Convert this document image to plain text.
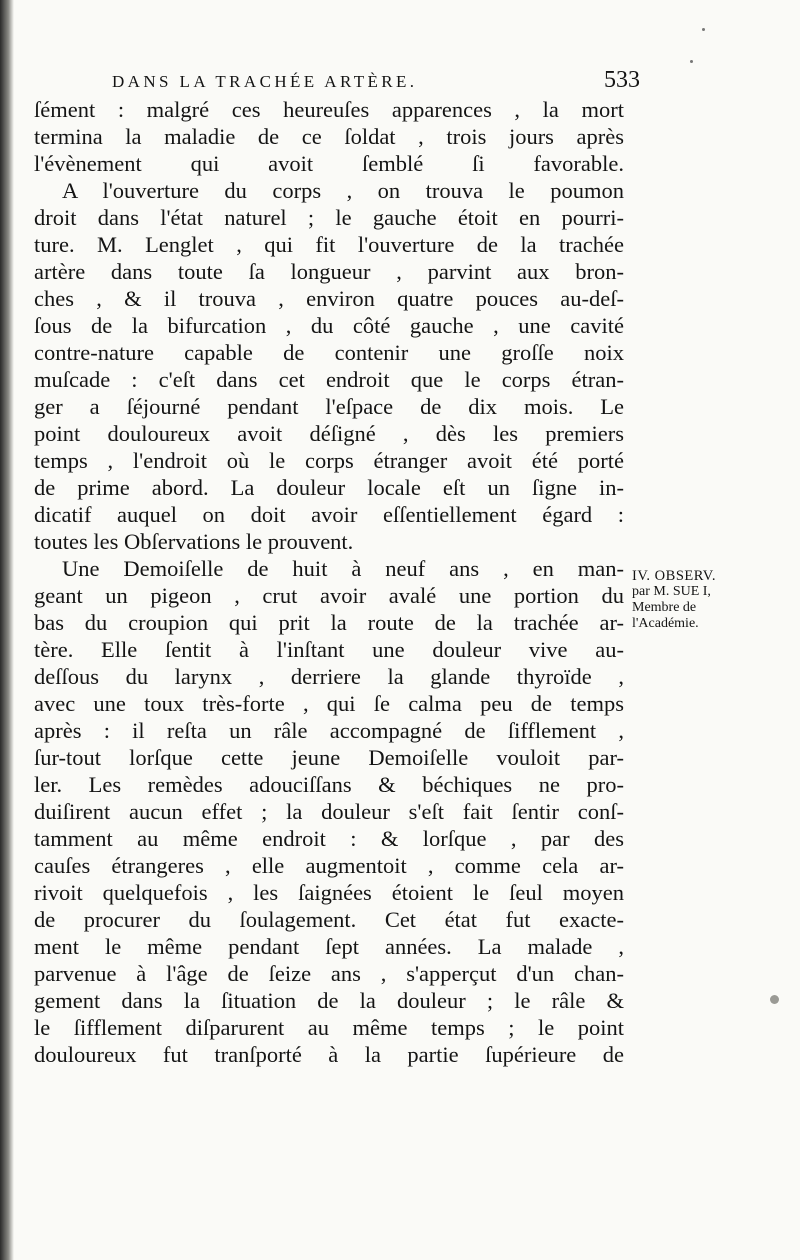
DANS LA TRACHÉE ARTÈRE.	533
ſément : malgré ces heureuſes apparences , la mort
termina la maladie de ce ſoldat , trois jours après
l'évènement qui avoit ſemblé ſi favorable.
A l'ouverture du corps , on trouva le poumon
droit dans l'état naturel ; le gauche étoit en pourri-
ture. M. Lenglet , qui fit l'ouverture de la trachée
artère dans toute ſa longueur , parvint aux bron-
ches , & il trouva , environ quatre pouces au-deſ-
ſous de la bifurcation , du côté gauche , une cavité
contre-nature capable de contenir une groſſe noix
muſcade : c'eſt dans cet endroit que le corps étran-
ger a ſéjourné pendant l'eſpace de dix mois. Le
point douloureux avoit déſigné , dès les premiers
temps , l'endroit où le corps étranger avoit été porté
de prime abord. La douleur locale eſt un ſigne in-
dicatif auquel on doit avoir eſſentiellement égard :
toutes les Obſervations le prouvent.
Une Demoiſelle de huit à neuf ans , en man-
geant un pigeon , crut avoir avalé une portion du
bas du croupion qui prit la route de la trachée ar-
tère. Elle ſentit à l'inſtant une douleur vive au-
deſſous du larynx , derriere la glande thyroïde ,
avec une toux très-forte , qui ſe calma peu de temps
après : il reſta un râle accompagné de ſifflement ,
ſur-tout lorſque cette jeune Demoiſelle vouloit par-
ler. Les remèdes adouciſſans & béchiques ne pro-
duiſirent aucun effet ; la douleur s'eſt fait ſentir conſ-
tamment au même endroit : & lorſque , par des
cauſes étrangeres , elle augmentoit , comme cela ar-
rivoit quelquefois , les ſaignées étoient le ſeul moyen
de procurer du ſoulagement. Cet état fut exacte-
ment le même pendant ſept années. La malade ,
parvenue à l'âge de ſeize ans , s'apperçut d'un chan-
gement dans la ſituation de la douleur ; le râle &
le ſifflement diſparurent au même temps ; le point
douloureux fut tranſporté à la partie ſupérieure de
IV. OBSERV.
par M. SUE I,
Membre de
l'Académie.
